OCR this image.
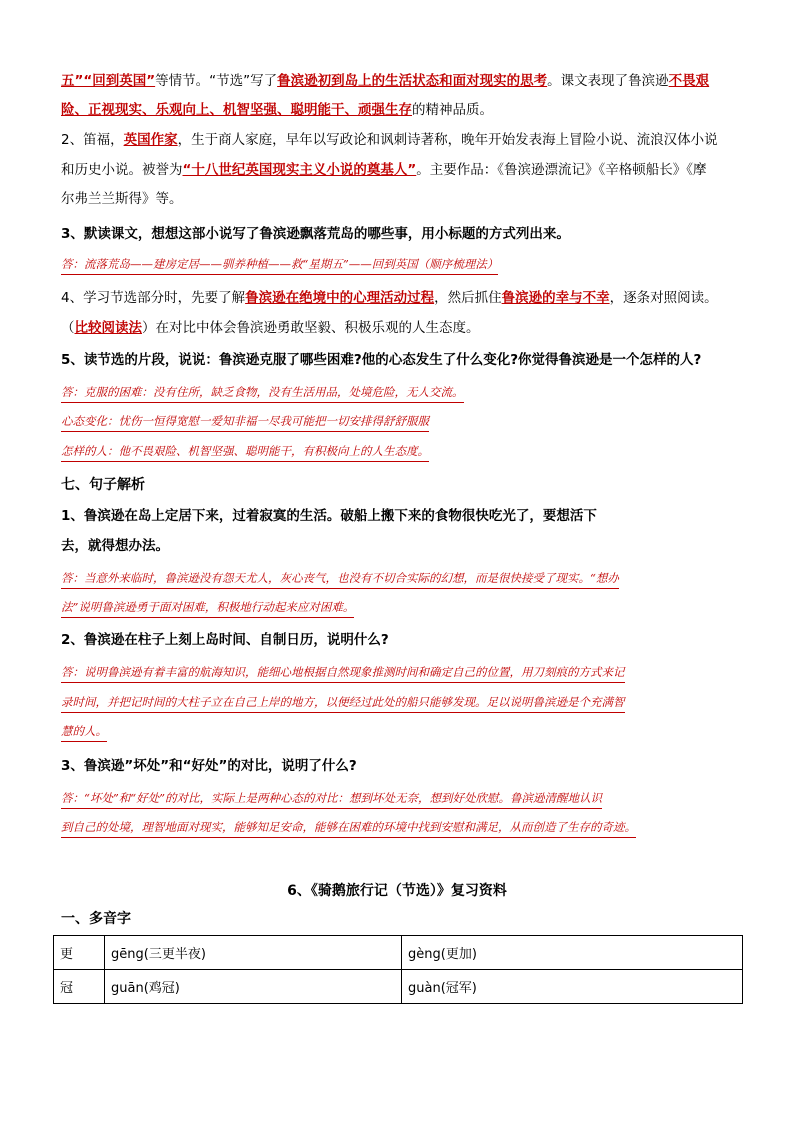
五”“回到英国”等情节。“节选”写了鲁滨逊初到岛上的生活状态和面对现实的思考。课文表现了鲁滨逊不畏艰
险、正视现实、乐观向上、机智坚强、聪明能干、顽强生存的精神品质。
2、笛福，英国作家，生于商人家庭，早年以写政论和讽刺诗著称，晚年开始发表海上冒险小说、流浪汉体小说
和历史小说。被誉为“十八世纪英国现实主义小说的奠基人”。主要作品：《鲁滨逊漂流记》《辛格顿船长》《摩
尔弗兰兰斯得》等。
3、默读课文，想想这部小说写了鲁滨逊飘落荒岛的哪些事，用小标题的方式列出来。
答：流落荒岛——建房定居——驯养种植——救“星期五”——回到英国（顺序梳理法）
4、学习节选部分时，先要了解鲁滨逊在绝境中的心理活动过程，然后抓住鲁滨逊的幸与不幸，逐条对照阅读。
（比较阅读法）在对比中体会鲁滨逊勇敢坚毅、积极乐观的人生态度。
5、读节选的片段，说说：鲁滨逊克服了哪些困难?他的心态发生了什么变化?你觉得鲁滨逊是一个怎样的人?
答：克服的困难：没有住所，缺乏食物，没有生活用品，处境危险，无人交流。
心态变化：忧伤一恒得宽慰一爱知非福一尽我可能把一切安排得舒舒服服
怎样的人：他不畏艰险、机智坚强、聪明能干，有积极向上的人生态度。
七、句子解析
1、鲁滨逊在岛上定居下来，过着寂寞的生活。破船上搬下来的食物很快吃光了，要想活下
去，就得想办法。
答：当意外来临时，鲁滨逊没有怨天尤人，灰心丧气，也没有不切合实际的幻想，而是很快接受了现实。“想办
法”说明鲁滨逊勇于面对困难，积极地行动起来应对困难。
2、鲁滨逊在柱子上刻上岛时间、自制日历，说明什么?
答：说明鲁滨逊有着丰富的航海知识，能细心地根据自然现象推测时间和确定自己的位置，用刀刻痕的方式来记
录时间，并把记时间的大柱子立在自己上岸的地方，以便经过此处的船只能够发现。足以说明鲁滨逊是个充满智
慧的人。
3、鲁滨逊”坏处”和“好处”的对比，说明了什么?
答：“坏处”和“好处”的对比，实际上是两种心态的对比：想到坏处无奈，想到好处欣慰。鲁滨逊清醒地认识
到自己的处境，理智地面对现实，能够知足安命，能够在困难的环境中找到安慰和满足，从而创造了生存的奇迹。
6、《骑鹅旅行记（节选）》复习资料
一、多音字
更	gēng(三更半夜)	gèng(更加)
冠	guān(鸡冠)	guàn(冠军)
